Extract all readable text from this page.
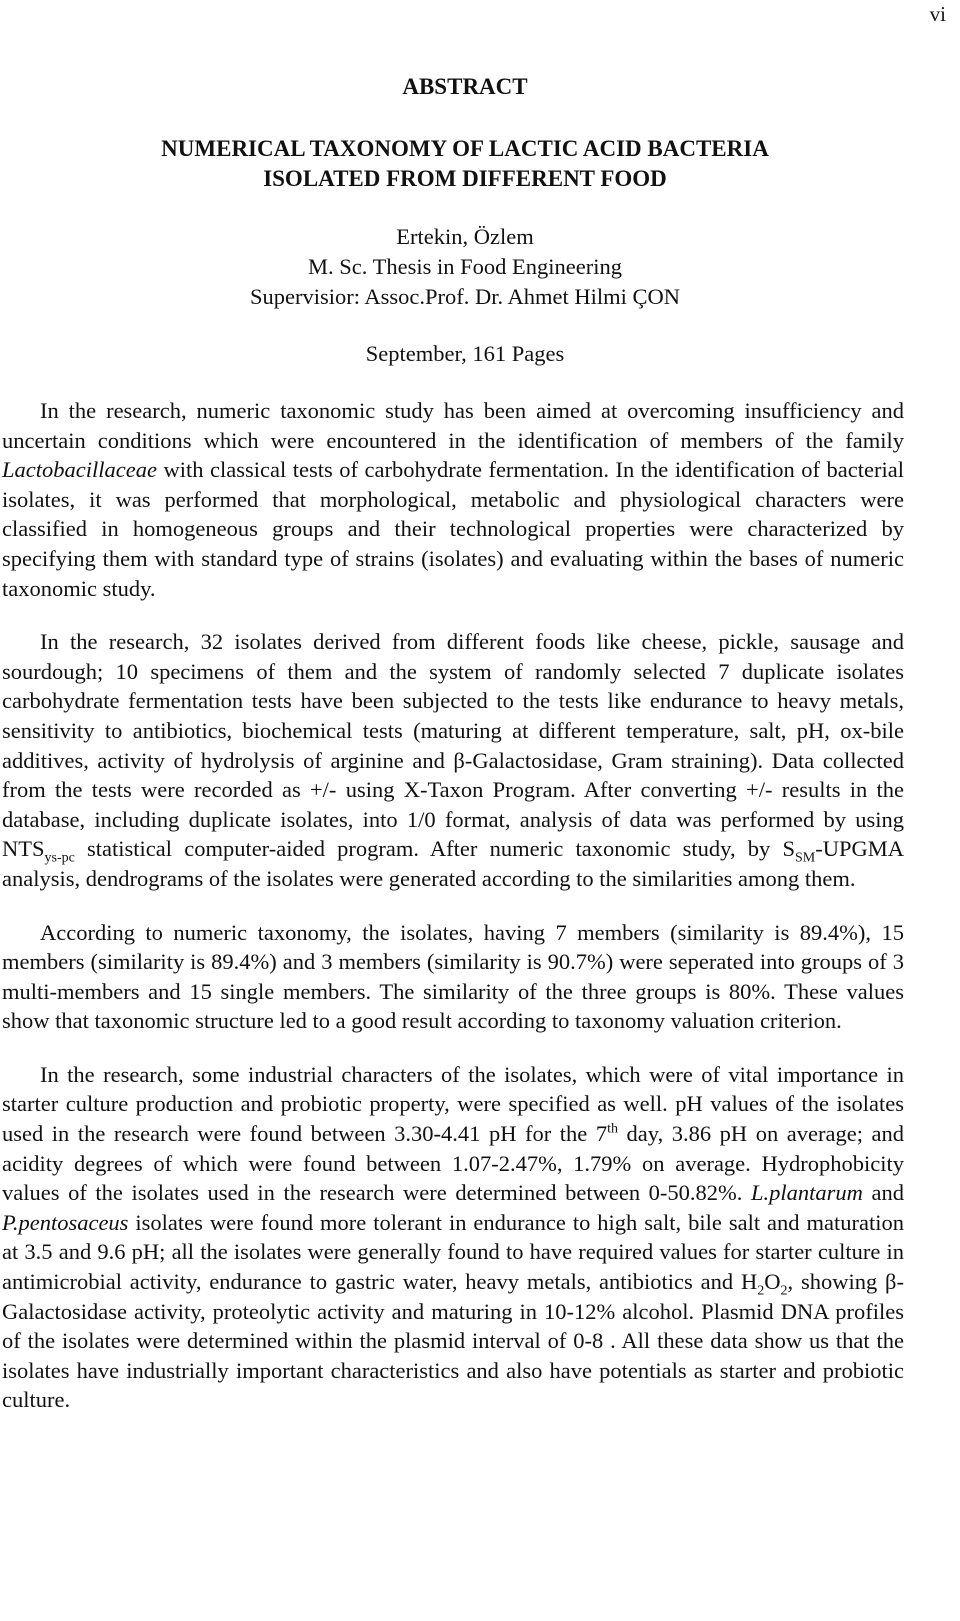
vi
ABSTRACT
NUMERICAL TAXONOMY OF LACTIC ACID BACTERIA
ISOLATED FROM DIFFERENT FOOD
Ertekin, Özlem
M. Sc. Thesis in Food Engineering
Supervisior: Assoc.Prof. Dr. Ahmet Hilmi ÇON
September, 161 Pages

In the research, numeric taxonomic study has been aimed at overcoming insufficiency and uncertain conditions which were encountered in the identification of members of the family Lactobacillaceae with classical tests of carbohydrate fermentation. In the identification of bacterial isolates, it was performed that morphological, metabolic and physiological characters were classified in homogeneous groups and their technological properties were characterized by specifying them with standard type of strains (isolates) and evaluating within the bases of numeric taxonomic study.

In the research, 32 isolates derived from different foods like cheese, pickle, sausage and sourdough; 10 specimens of them and the system of randomly selected 7 duplicate isolates carbohydrate fermentation tests have been subjected to the tests like endurance to heavy metals, sensitivity to antibiotics, biochemical tests (maturing at different temperature, salt, pH, ox-bile additives, activity of hydrolysis of arginine and β-Galactosidase, Gram straining). Data collected from the tests were recorded as +/- using X-Taxon Program. After converting +/- results in the database, including duplicate isolates, into 1/0 format, analysis of data was performed by using $NTS_{ys-pc}$ statistical computer-aided program. After numeric taxonomic study, by $S_{SM}$-UPGMA analysis, dendrograms of the isolates were generated according to the similarities among them.

According to numeric taxonomy, the isolates, having 7 members (similarity is 89.4%), 15 members (similarity is 89.4%) and 3 members (similarity is 90.7%) were seperated into groups of 3 multi-members and 15 single members. The similarity of the three groups is 80%. These values show that taxonomic structure led to a good result according to taxonomy valuation criterion.

In the research, some industrial characters of the isolates, which were of vital importance in starter culture production and probiotic property, were specified as well. pH values of the isolates used in the research were found between 3.30-4.41 pH for the 7th day, 3.86 pH on average; and acidity degrees of which were found between 1.07-2.47%, 1.79% on average. Hydrophobicity values of the isolates used in the research were determined between 0-50.82%. L.plantarum and P.pentosaceus isolates were found more tolerant in endurance to high salt, bile salt and maturation at 3.5 and 9.6 pH; all the isolates were generally found to have required values for starter culture in antimicrobial activity, endurance to gastric water, heavy metals, antibiotics and $H_2O_2$, showing β-Galactosidase activity, proteolytic activity and maturing in 10-12% alcohol. Plasmid DNA profiles of the isolates were determined within the plasmid interval of 0-8 . All these data show us that the isolates have industrially important characteristics and also have potentials as starter and probiotic culture.
